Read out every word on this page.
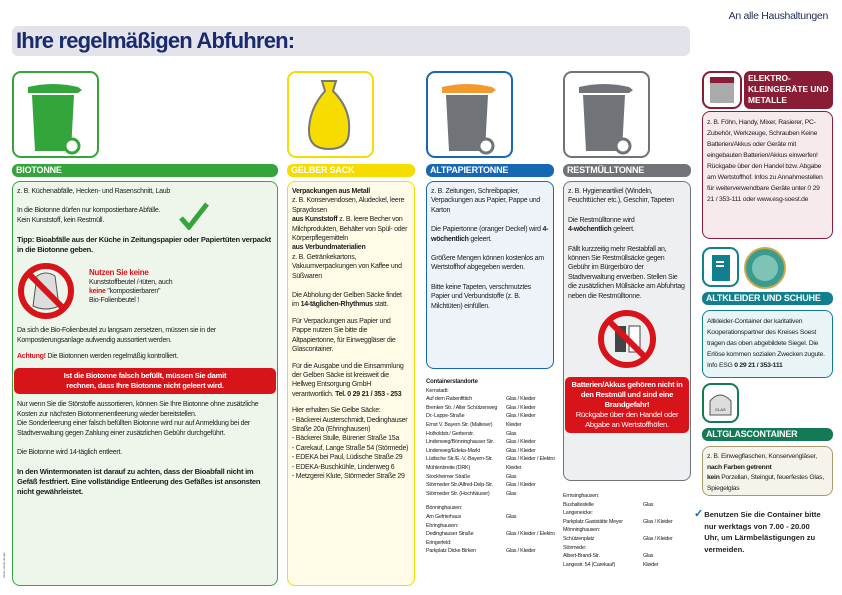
An alle Haushaltungen
Ihre regelmäßigen Abfuhren:
BIOTONNE	GELBER SACK	ALTPAPIERTONNE	RESTMÜLLTONNE

z. B. Küchenabfälle, Hecken- und Rasenschnitt, Laub

In die Biotonne dürfen nur kompostierbare Abfälle.
Kein Kunststoff, kein Restmüll.

Tipp: Bioabfälle aus der Küche in Zeitungspapier oder Papiertüten verpackt in die Biotonne geben.

Nutzen Sie keine
Kunststoffbeutel /-tüten, auch
keine "kompostierbaren"
Bio-Folienbeutel !

Da sich die Bio-Folienbeutel zu langsam zersetzen, müssen sie in der Kompostierungsanlage aufwendig aussortiert werden.

Achtung! Die Biotonnen werden regelmäßig kontrolliert.

Ist die Biotonne falsch befüllt, müssen Sie damit rechnen, dass Ihre Biotonne nicht geleert wird.
Nur wenn Sie die Störstoffe aussortieren, können Sie Ihre Biotonne ohne zusätzliche Kosten zur nächsten Biotonnenentleerung wieder bereitstellen.

Die Sonderleerung einer falsch befüllten Biotonne wird nur auf Anmeldung bei der Stadtverwaltung gegen Zahlung einer zusätzlichen Gebühr durchgeführt.

Die Biotonne wird 14-täglich entleert.

In den Wintermonaten ist darauf zu achten, dass der Bioabfall nicht im Gefäß festfriert. Eine vollständige Entleerung des Gefäßes ist ansonsten nicht gewährleistet.

abels media design
Verpackungen aus Metall
z. B. Konservendosen, Aludeckel, leere Spraydosen
aus Kunststoff z. B. leere Becher von Milchprodukten, Behälter von Spül- oder Körperpflegemitteln
aus Verbundmaterialien

z. B. Getränkekartons, Vakuumverpackungen von Kaffee und Süßwaren

Die Abholung der Gelben Säcke findet im 14-täglichen-Rhythmus statt.

Für Verpackungen aus Papier und Pappe nutzen Sie bitte die Altpapiertonne, für Einweggläser die Glascontainer.

Für die Ausgabe und die Einsammlung der Gelben Säcke ist kreisweit die Hellweg Entsorgung GmbH verantwortlich. Tel. 0 29 21 / 353 - 253

Hier erhalten Sie Gelbe Säcke:
- Bäckerei Austerschmidt, Dedinghauser Straße 20a (Ehringhausen)
- Bäckerei Stulle, Bürener Straße 15a
- Carekauf, Lange Straße 54 (Störmede)
- EDEKA bei Paul, Lüdische Straße 29
- EDEKA-Buschkühle, Lindenweg 6
- Metzgerei Klute, Störmeder Straße 29

z. B. Zeitungen, Schreibpapier, Verpackungen aus Papier, Pappe und Karton

Die Papiertonne (oranger Deckel) wird 4-wöchentlich geleert.

Größere Mengen können kostenlos am Wertstoffhof abgegeben werden.

Bitte keine Tapeten, verschmutztes Papier und Verbundstoffe (z. B. Milchtüten) einfüllen.

Containerstandorte
Kernstadt:
Auf dem Rabenfittich	Glas / Kleider
Brenker Str. / Alter Schützenweg	Glas / Kleider
Dr.-Lappe-Straße	Glas / Kleider
Ernst V. Bayern Str. (Malteser)	Kleider
Holholdstr./ Gerberstr.	Glas
Lindenweg/Bönninghauser Str.	Glas / Kleider
Lindenweg/Edeka-Markt	Glas / Kleider
Lüdische Str./E.-V.-Bayern-Str.	Glas / Kleider / Elektro
Mühlenbreite (DRK)	Kleider
Stockheimer Straße	Glas
Störmeder Str./Alfred-Delp-Str.	Glas / Kleider
Störmeder Str. (Hochhäuser)	Glas
Bönninghausen:
Am Gefrierhaus	Glas
Ehringhausen:
Dedinghauser Straße	Glas / Kleider / Elektro
Eringerfeld:
Parkplatz Dicke Birken	Glas / Kleider
Ermsinghausen:
Bushaltestelle	Glas
Langeneicke:
Parkplatz Gaststätte Meyer	Glas / Kleider
Mönninghausen:
Schützenplatz	Glas / Kleider
Störmede:
Albert-Brand-Str.	Glas
Langestr. 54 (Carekauf)	Kleider

z. B. Hygieneartikel (Windeln, Feuchttücher etc.), Geschirr, Tapeten

Die Restmülltonne wird
4-wöchentlich geleert.

Fällt kurzzeitig mehr Restabfall an, können Sie Restmüllsäcke gegen Gebühr im Bürgerbüro der Stadtverwaltung erwerben. Stellen Sie die zusätzlichen Müllsäcke am Abfuhrtag neben die Restmülltonne.

Batterien/Akkus gehören nicht in den Restmüll und sind eine Brandgefahr!
Rückgabe über den Handel oder Abgabe an Wertstoffhöfen.
ELEKTRO-KLEINGERÄTE UND METALLE
z. B. Föhn, Handy, Mixer, Rasierer, PC-Zubehör, Werkzeuge, Schrauben Keine Batterien/Akkus oder Geräte mit eingebauten Batterien/Akkus einwerfen! Rückgabe über den Handel bzw. Abgabe am Wertstoffhof. Infos zu Annahmestellen für weiterverwendbare Geräte unter 0 29 21 / 353-111 oder www.esg-soest.de
ALTKLEIDER UND SCHUHE
Altkleider-Container der karitativen Kooperationspartner des Kreises Soest tragen das oben abgebildete Siegel. Die Erlöse kommen sozialen Zwecken zugute. Info ESG 0 29 21 / 353-111
GLAS
ALTGLASCONTAINER
z. B. Einwegflaschen, Konservengläser,
nach Farben getrennt
kein Porzellan, Steingut, feuerfestes Glas, Spiegelglas
✓ Benutzen Sie die Container bitte nur werktags von 7.00 - 20.00 Uhr, um Lärmbelästigungen zu vermeiden.
